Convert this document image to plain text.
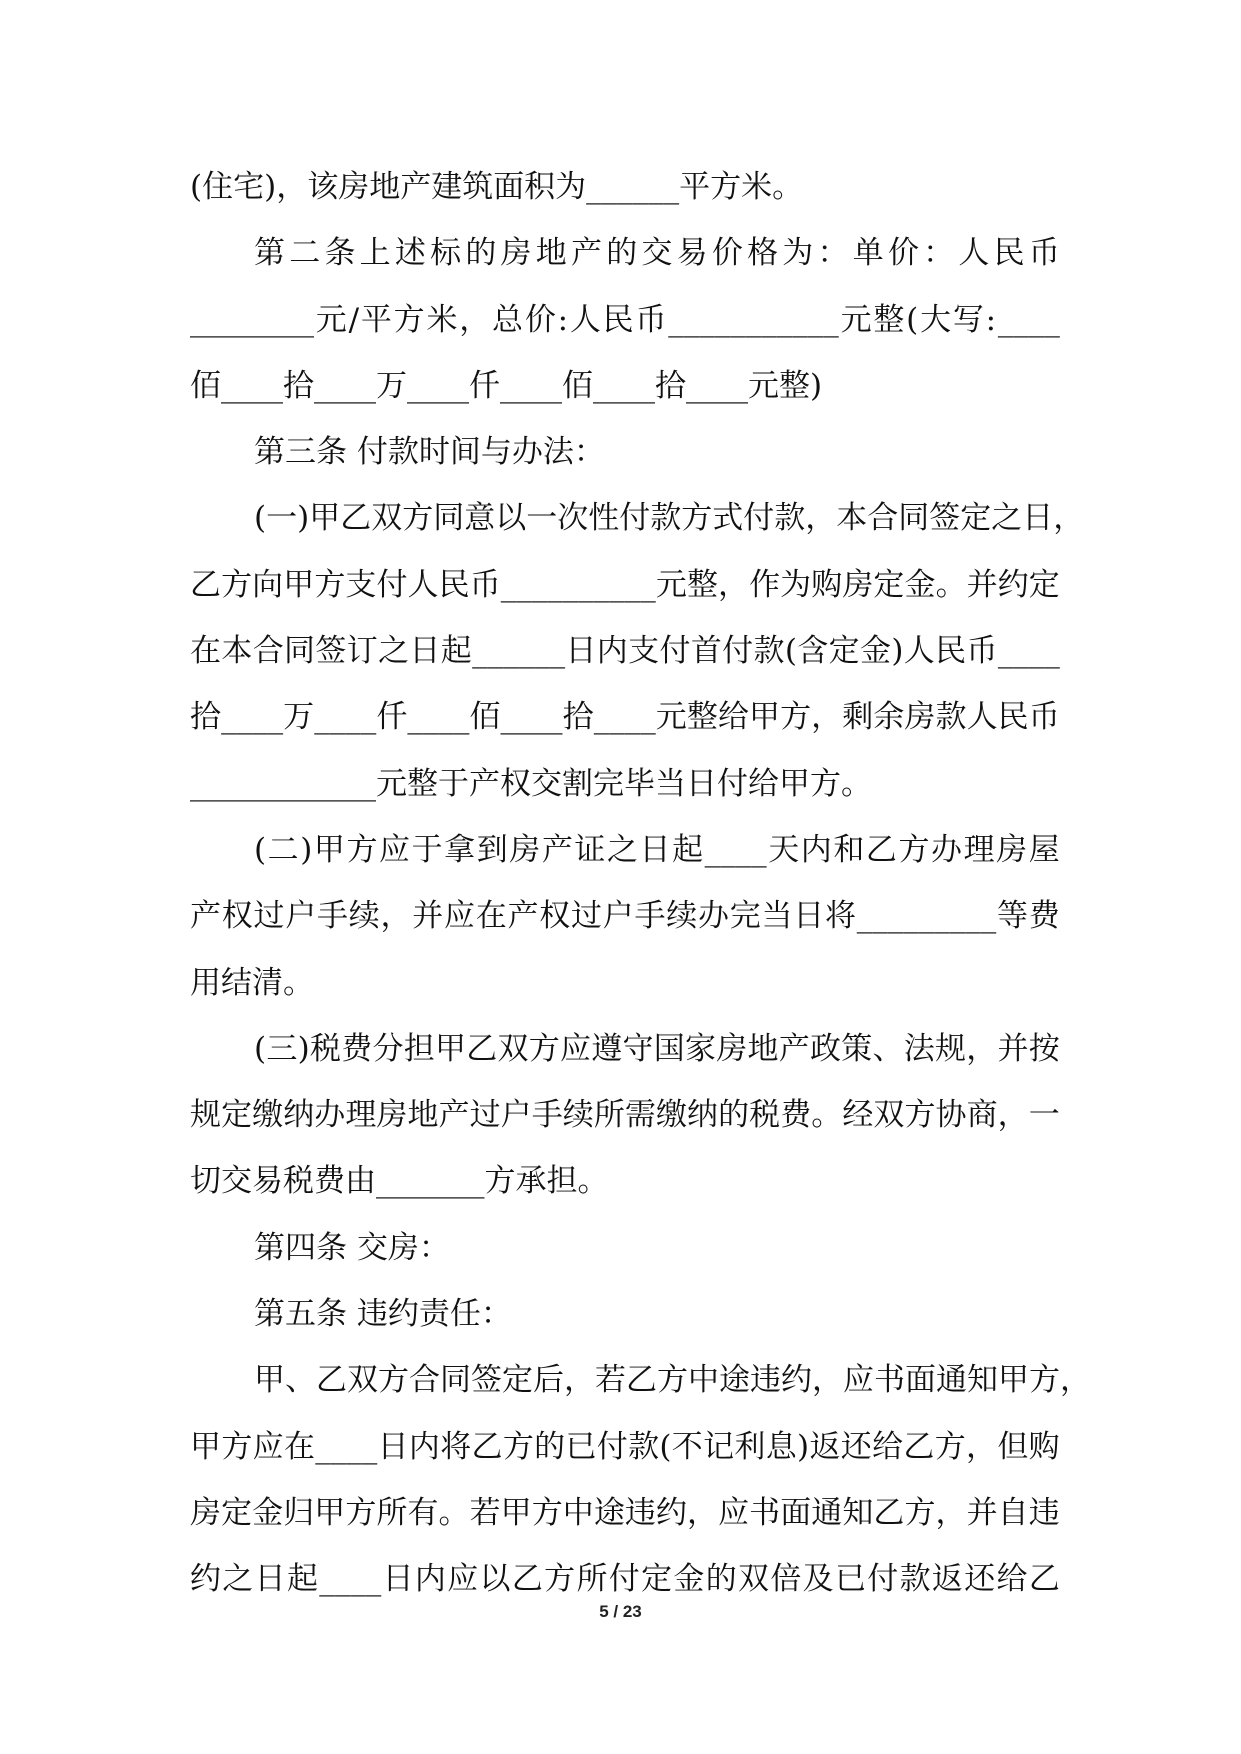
(住宅)，该房地产建筑面积为______平方米。
第 二 条 上 述 标 的 房 地 产 的 交 易 价 格 为 ： 单 价 ： 人 民 币
________ 元 / 平 方 米 ， 总 价 : 人 民 币 ___________ 元 整 ( 大 写 : ____
佰____拾____万____仟____佰____拾____元整)
第三条 付款时间与办法：
( 一 ) 甲 乙 双 方 同 意 以 一 次 性 付 款 方 式 付 款 ， 本 合 同 签 定 之 日 ，
乙 方 向 甲 方 支 付 人 民 币 __________ 元 整 ， 作 为 购 房 定 金 。 并 约 定
在 本 合 同 签 订 之 日 起 ______ 日 内 支 付 首 付 款 ( 含 定 金 ) 人 民 币 ____
拾 ____ 万 ____ 仟 ____ 佰 ____ 拾 ____ 元 整 给 甲 方 ， 剩 余 房 款 人 民 币
____________元整于产权交割完毕当日付给甲方。
( 二 ) 甲 方 应 于 拿 到 房 产 证 之 日 起 ____ 天 内 和 乙 方 办 理 房 屋
产 权 过 户 手 续 ， 并 应 在 产 权 过 户 手 续 办 完 当 日 将 _________ 等 费
用结清。
( 三 ) 税 费 分 担 甲 乙 双 方 应 遵 守 国 家 房 地 产 政 策 、 法 规 ， 并 按
规 定 缴 纳 办 理 房 地 产 过 户 手 续 所 需 缴 纳 的 税 费 。 经 双 方 协 商 ， 一
切交易税费由_______方承担。
第四条 交房：
第五条 违约责任：
甲 、 乙 双 方 合 同 签 定 后 ， 若 乙 方 中 途 违 约 ， 应 书 面 通 知 甲 方 ，
甲 方 应 在 ____ 日 内 将 乙 方 的 已 付 款 ( 不 记 利 息 ) 返 还 给 乙 方 ， 但 购
房 定 金 归 甲 方 所 有 。 若 甲 方 中 途 违 约 ， 应 书 面 通 知 乙 方 ， 并 自 违
约 之 日 起 ____ 日 内 应 以 乙 方 所 付 定 金 的 双 倍 及 已 付 款 返 还 给 乙
5 / 23
